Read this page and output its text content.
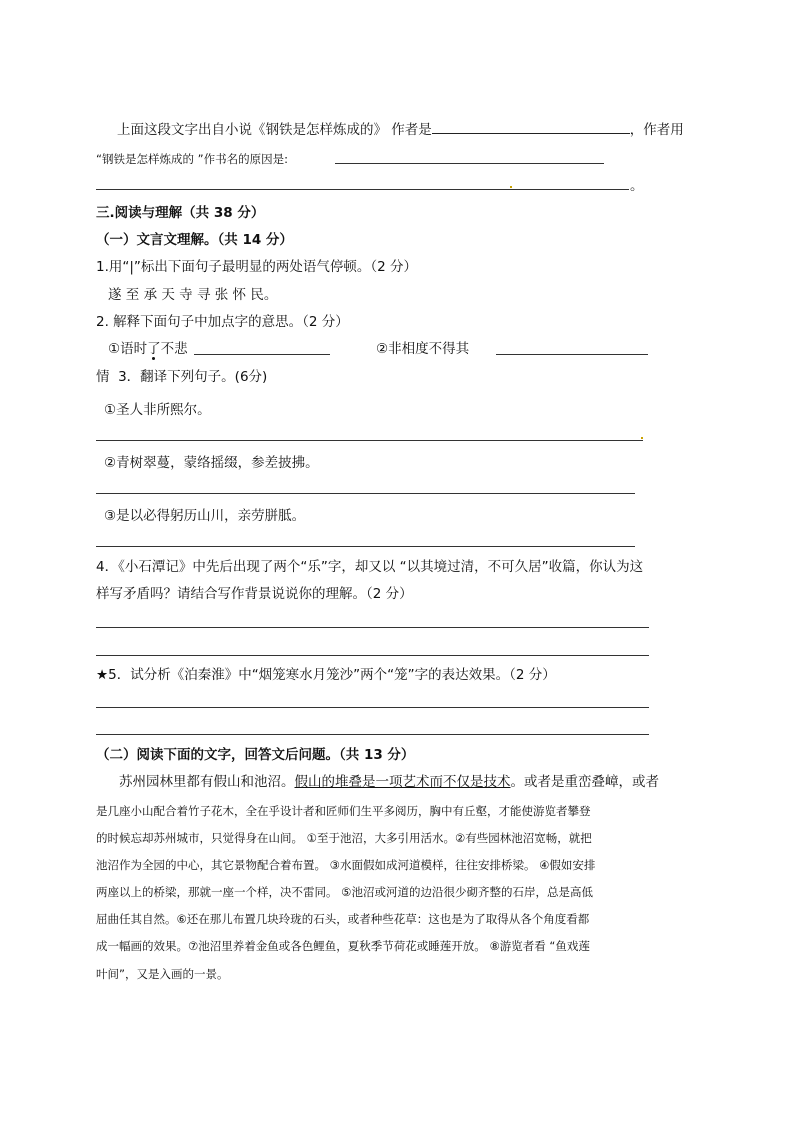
上面这段文字出自小说《钢铁是怎样炼成的》 作者是	，作者用
“钢铁是怎样炼成的 ”作书名的原因是:
。
三.阅读与理解（共 38 分）
（一）文言文理解。（共 14 分）
1.用“|”标出下面句子最明显的两处语气停顿。（2 分）
遂 至 承 天 寺 寻 张 怀 民。
2. 解释下面句子中加点字的意思。（2 分）
①语时了
不悲	②非相度不得其
情 3．翻译下列句子。(6分)
①圣人非所熙尔。
②青树翠蔓，蒙络摇缀，参差披拂。
③是以必得躬历山川，亲劳胼胝。
4．《小石潭记》中先后出现了两个“乐”字，却又以 “以其境过清，不可久居”收篇，你认为这
样写矛盾吗？请结合写作背景说说你的理解。（2 分）
★5．试分析《泊秦淮》中“烟笼寒水月笼沙”两个“笼”字的表达效果。（2 分）
（二）阅读下面的文字，回答文后问题。（共 13 分）
苏州园林里都有假山和池沼。假山的堆叠是一项艺术而不仅是技术。或者是重峦叠嶂，或者
是几座小山配合着竹子花木，全在乎设计者和匠师们生平多阅历，胸中有丘壑，才能使游览者攀登
的时候忘却苏州城市，只觉得身在山间。 ①至于池沼，大多引用活水。②有些园林池沼宽畅，就把
池沼作为全园的中心，其它景物配合着布置。 ③水面假如成河道模样，往往安排桥梁。 ④假如安排
两座以上的桥梁，那就一座一个样，决不雷同。 ⑤池沼或河道的边沿很少砌齐整的石岸，总是高低
屈曲任其自然。⑥还在那儿布置几块玲珑的石头，或者种些花草：这也是为了取得从各个角度看都
成一幅画的效果。⑦池沼里养着金鱼或各色鲤鱼，夏秋季节荷花或睡莲开放。 ⑧游览者看 “鱼戏莲
叶间”，又是入画的一景。
